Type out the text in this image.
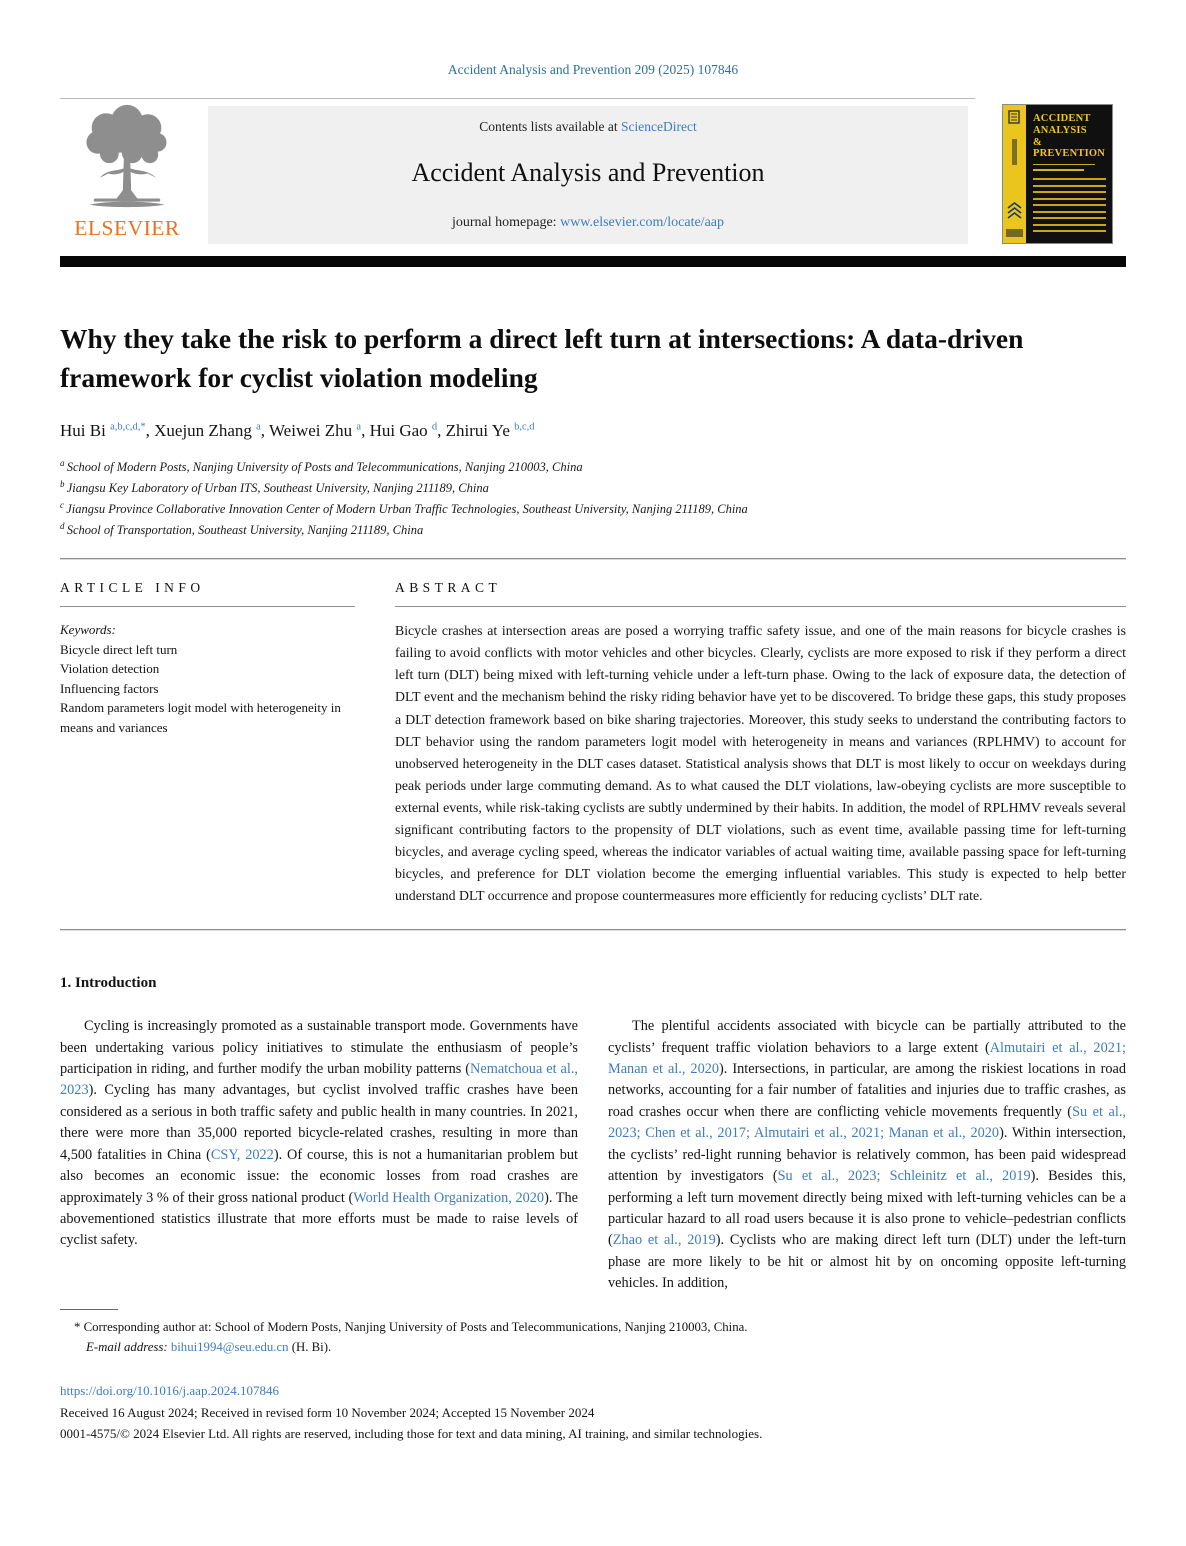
Accident Analysis and Prevention 209 (2025) 107846
ELSEVIER
Contents lists available at ScienceDirect
Accident Analysis and Prevention
journal homepage: www.elsevier.com/locate/aap
ACCIDENT
ANALYSIS
&
PREVENTION
Why they take the risk to perform a direct left turn at intersections: A data-driven framework for cyclist violation modeling
Hui Bi $^{a,b,c,d,*}$, Xuejun Zhang $^a$, Weiwei Zhu $^a$, Hui Gao $^d$, Zhirui Ye $^{b,c,d}$
$^a$ School of Modern Posts, Nanjing University of Posts and Telecommunications, Nanjing 210003, China
$^b$ Jiangsu Key Laboratory of Urban ITS, Southeast University, Nanjing 211189, China
$^c$ Jiangsu Province Collaborative Innovation Center of Modern Urban Traffic Technologies, Southeast University, Nanjing 211189, China
$^d$ School of Transportation, Southeast University, Nanjing 211189, China
ARTICLE INFO
Keywords:
Bicycle direct left turn
Violation detection
Influencing factors
Random parameters logit model with heterogeneity in means and variances
ABSTRACT
Bicycle crashes at intersection areas are posed a worrying traffic safety issue, and one of the main reasons for bicycle crashes is failing to avoid conflicts with motor vehicles and other bicycles. Clearly, cyclists are more exposed to risk if they perform a direct left turn (DLT) being mixed with left-turning vehicle under a left-turn phase. Owing to the lack of exposure data, the detection of DLT event and the mechanism behind the risky riding behavior have yet to be discovered. To bridge these gaps, this study proposes a DLT detection framework based on bike sharing trajectories. Moreover, this study seeks to understand the contributing factors to DLT behavior using the random parameters logit model with heterogeneity in means and variances (RPLHMV) to account for unobserved heterogeneity in the DLT cases dataset. Statistical analysis shows that DLT is most likely to occur on weekdays during peak periods under large commuting demand. As to what caused the DLT violations, law-obeying cyclists are more susceptible to external events, while risk-taking cyclists are subtly undermined by their habits. In addition, the model of RPLHMV reveals several significant contributing factors to the propensity of DLT violations, such as event time, available passing time for left-turning bicycles, and average cycling speed, whereas the indicator variables of actual waiting time, available passing space for left-turning bicycles, and preference for DLT violation become the emerging influential variables. This study is expected to help better understand DLT occurrence and propose countermeasures more efficiently for reducing cyclists’ DLT rate.
1. Introduction
Cycling is increasingly promoted as a sustainable transport mode. Governments have been undertaking various policy initiatives to stimulate the enthusiasm of people’s participation in riding, and further modify the urban mobility patterns (Nematchoua et al., 2023). Cycling has many advantages, but cyclist involved traffic crashes have been considered as a serious in both traffic safety and public health in many countries. In 2021, there were more than 35,000 reported bicycle-related crashes, resulting in more than 4,500 fatalities in China (CSY, 2022). Of course, this is not a humanitarian problem but also becomes an economic issue: the economic losses from road crashes are approximately 3 % of their gross national product (World Health Organization, 2020). The abovementioned statistics illustrate that more efforts must be made to raise levels of cyclist safety.
The plentiful accidents associated with bicycle can be partially attributed to the cyclists’ frequent traffic violation behaviors to a large extent (Almutairi et al., 2021; Manan et al., 2020). Intersections, in particular, are among the riskiest locations in road networks, accounting for a fair number of fatalities and injuries due to traffic crashes, as road crashes occur when there are conflicting vehicle movements frequently (Su et al., 2023; Chen et al., 2017; Almutairi et al., 2021; Manan et al., 2020). Within intersection, the cyclists’ red-light running behavior is relatively common, has been paid widespread attention by investigators (Su et al., 2023; Schleinitz et al., 2019). Besides this, performing a left turn movement directly being mixed with left-turning vehicles can be a particular hazard to all road users because it is also prone to vehicle–pedestrian conflicts (Zhao et al., 2019). Cyclists who are making direct left turn (DLT) under the left-turn phase are more likely to be hit or almost hit by on oncoming opposite left-turning vehicles. In addition,
* Corresponding author at: School of Modern Posts, Nanjing University of Posts and Telecommunications, Nanjing 210003, China.
E-mail address: bihui1994@seu.edu.cn (H. Bi).
https://doi.org/10.1016/j.aap.2024.107846
Received 16 August 2024; Received in revised form 10 November 2024; Accepted 15 November 2024
0001-4575/© 2024 Elsevier Ltd. All rights are reserved, including those for text and data mining, AI training, and similar technologies.
